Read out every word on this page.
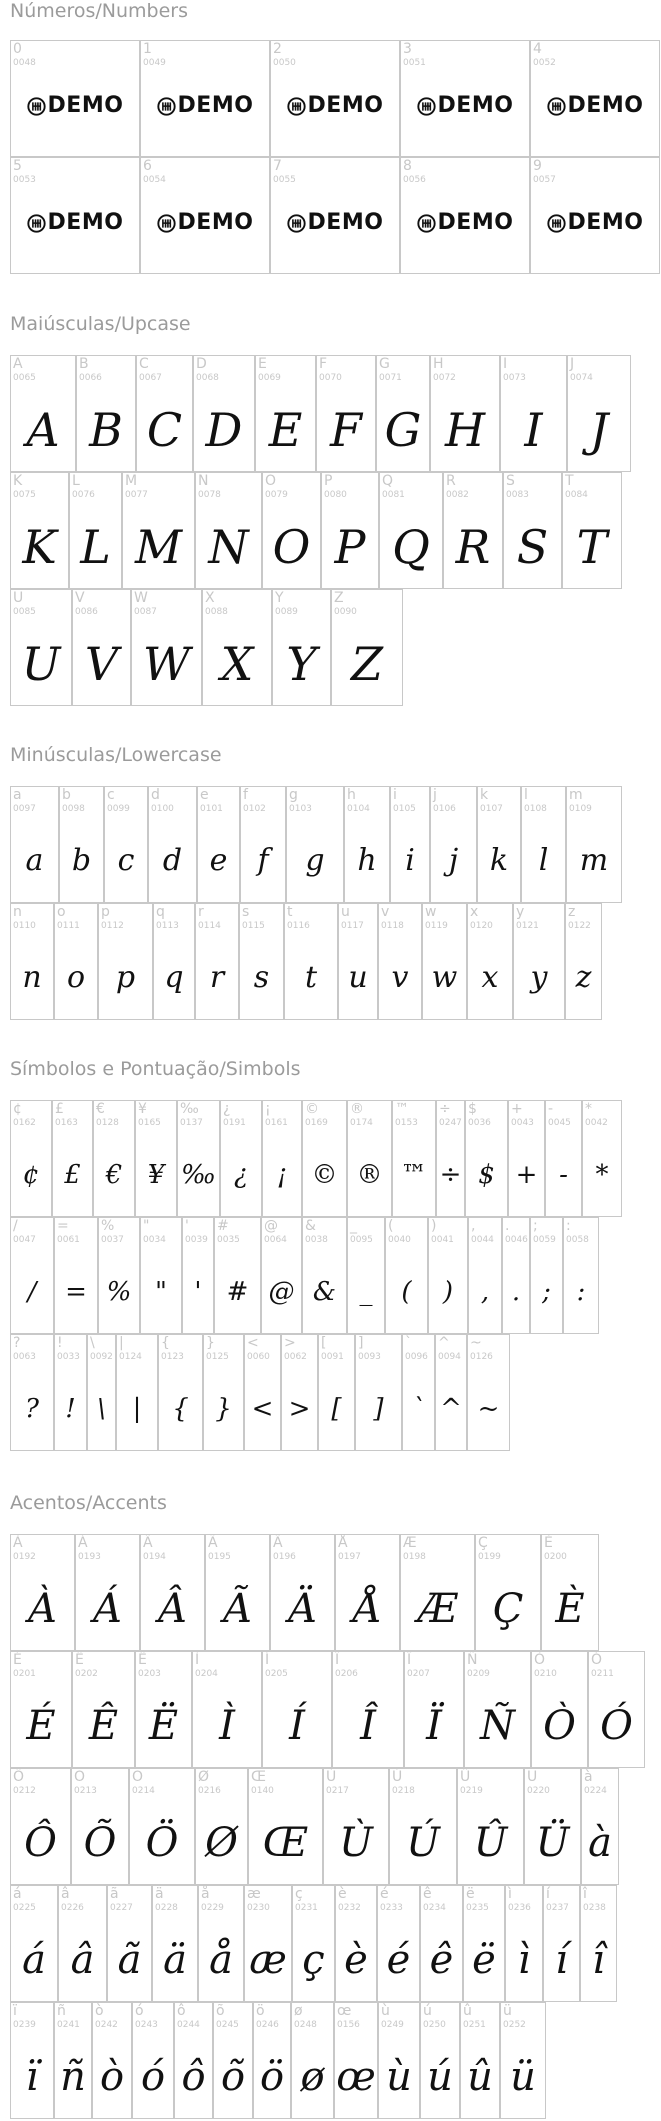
Números/Numbers
0
0048
DEMO
1
0049
DEMO
2
0050
DEMO
3
0051
DEMO
4
0052
DEMO
5
0053
DEMO
6
0054
DEMO
7
0055
DEMO
8
0056
DEMO
9
0057
DEMO
Maiúsculas/Upcase
A
0065
A
B
0066
B
C
0067
C
D
0068
D
E
0069
E
F
0070
F
G
0071
G
H
0072
H
I
0073
I
J
0074
J
K
0075
K
L
0076
L
M
0077
M
N
0078
N
O
0079
O
P
0080
P
Q
0081
Q
R
0082
R
S
0083
S
T
0084
T
U
0085
U
V
0086
V
W
0087
W
X
0088
X
Y
0089
Y
Z
0090
Z
Minúsculas/Lowercase
a
0097
a
b
0098
b
c
0099
c
d
0100
d
e
0101
e
f
0102
f
g
0103
g
h
0104
h
i
0105
i
j
0106
j
k
0107
k
l
0108
l
m
0109
m
n
0110
n
o
0111
o
p
0112
p
q
0113
q
r
0114
r
s
0115
s
t
0116
t
u
0117
u
v
0118
v
w
0119
w
x
0120
x
y
0121
y
z
0122
z
Símbolos e Pontuação/Simbols
¢
0162
¢
£
0163
£
€
0128
€
¥
0165
¥
‰
0137
‰
¿
0191
¿
¡
0161
¡
©
0169
©
®
0174
®
™
0153
™
÷
0247
÷
$
0036
$
+
0043
+
-
0045
-
*
0042
*
/
0047
/
=
0061
=
%
0037
%
"
0034
"
'
0039
'
#
0035
#
@
0064
@
&
0038
&
_
0095
_
(
0040
(
)
0041
)
,
0044
,
.
0046
.
;
0059
;
:
0058
:
?
0063
?
!
0033
!
\
0092
\
|
0124
|
{
0123
{
}
0125
}
<
0060
<
>
0062
>
[
0091
[
]
0093
]
`
0096
`
^
0094
^
~
0126
~
Acentos/Accents
À
0192
À
Á
0193
Á
Â
0194
Â
Ã
0195
Ã
Ä
0196
Ä
Å
0197
Å
Æ
0198
Æ
Ç
0199
Ç
È
0200
È
É
0201
É
Ê
0202
Ê
Ë
0203
Ë
Ì
0204
Ì
Í
0205
Í
Î
0206
Î
Ï
0207
Ï
Ñ
0209
Ñ
Ò
0210
Ò
Ó
0211
Ó
Ô
0212
Ô
Õ
0213
Õ
Ö
0214
Ö
Ø
0216
Ø
Œ
0140
Œ
Ù
0217
Ù
Ú
0218
Ú
Û
0219
Û
Ü
0220
Ü
à
0224
à
á
0225
á
â
0226
â
ã
0227
ã
ä
0228
ä
å
0229
å
æ
0230
æ
ç
0231
ç
è
0232
è
é
0233
é
ê
0234
ê
ë
0235
ë
ì
0236
ì
í
0237
í
î
0238
î
ï
0239
ï
ñ
0241
ñ
ò
0242
ò
ó
0243
ó
ô
0244
ô
õ
0245
õ
ö
0246
ö
ø
0248
ø
œ
0156
œ
ù
0249
ù
ú
0250
ú
û
0251
û
ü
0252
ü
